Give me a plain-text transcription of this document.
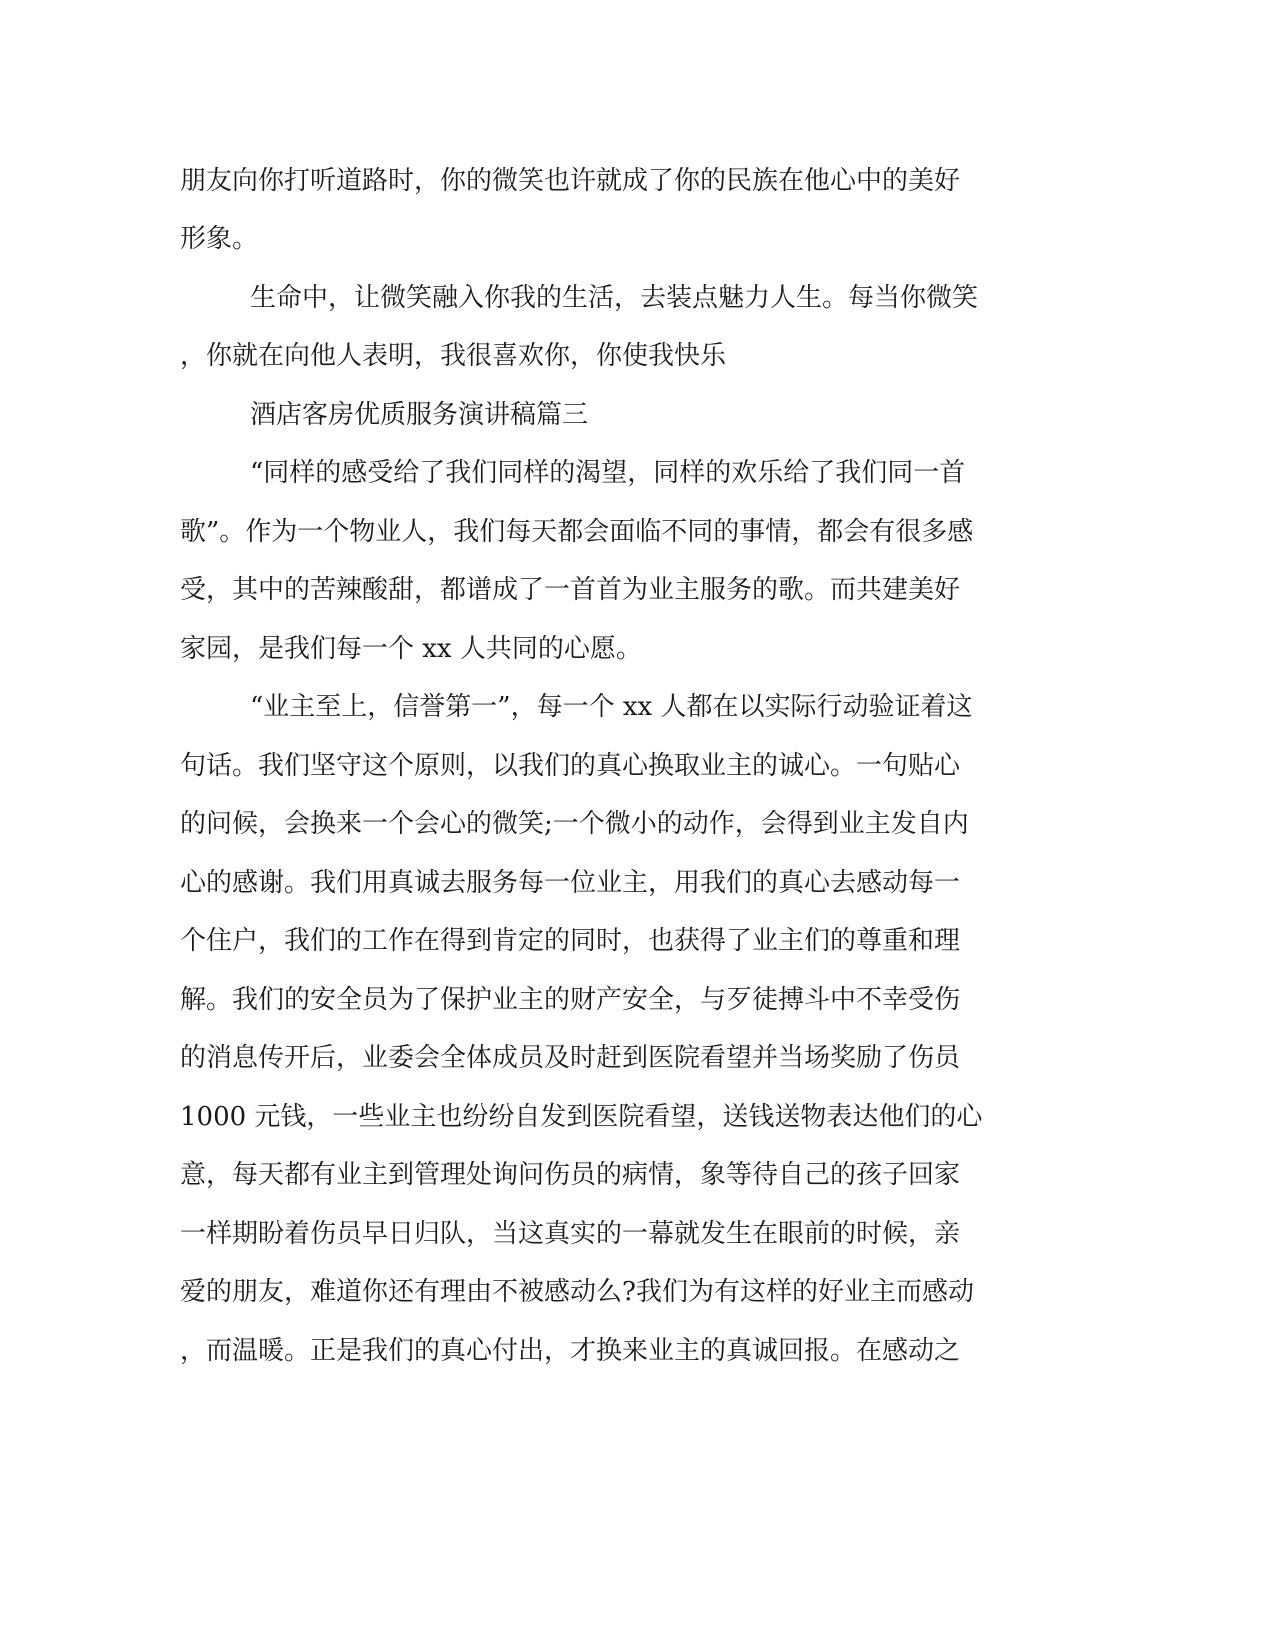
朋友向你打听道路时，你的微笑也许就成了你的民族在他心中的美好
形象。
生命中，让微笑融入你我的生活，去装点魅力人生。每当你微笑
，你就在向他人表明，我很喜欢你，你使我快乐
酒店客房优质服务演讲稿篇三
“同样的感受给了我们同样的渴望，同样的欢乐给了我们同一首
歌”。作为一个物业人，我们每天都会面临不同的事情，都会有很多感
受，其中的苦辣酸甜，都谱成了一首首为业主服务的歌。而共建美好
家园，是我们每一个 xx 人共同的心愿。
“业主至上，信誉第一”，每一个 xx 人都在以实际行动验证着这
句话。我们坚守这个原则，以我们的真心换取业主的诚心。一句贴心
的问候，会换来一个会心的微笑;一个微小的动作，会得到业主发自内
心的感谢。我们用真诚去服务每一位业主，用我们的真心去感动每一
个住户，我们的工作在得到肯定的同时，也获得了业主们的尊重和理
解。我们的安全员为了保护业主的财产安全，与歹徒搏斗中不幸受伤
的消息传开后，业委会全体成员及时赶到医院看望并当场奖励了伤员
1000 元钱，一些业主也纷纷自发到医院看望，送钱送物表达他们的心
意，每天都有业主到管理处询问伤员的病情，象等待自己的孩子回家
一样期盼着伤员早日归队，当这真实的一幕就发生在眼前的时候，亲
爱的朋友，难道你还有理由不被感动么?我们为有这样的好业主而感动
，而温暖。正是我们的真心付出，才换来业主的真诚回报。在感动之
